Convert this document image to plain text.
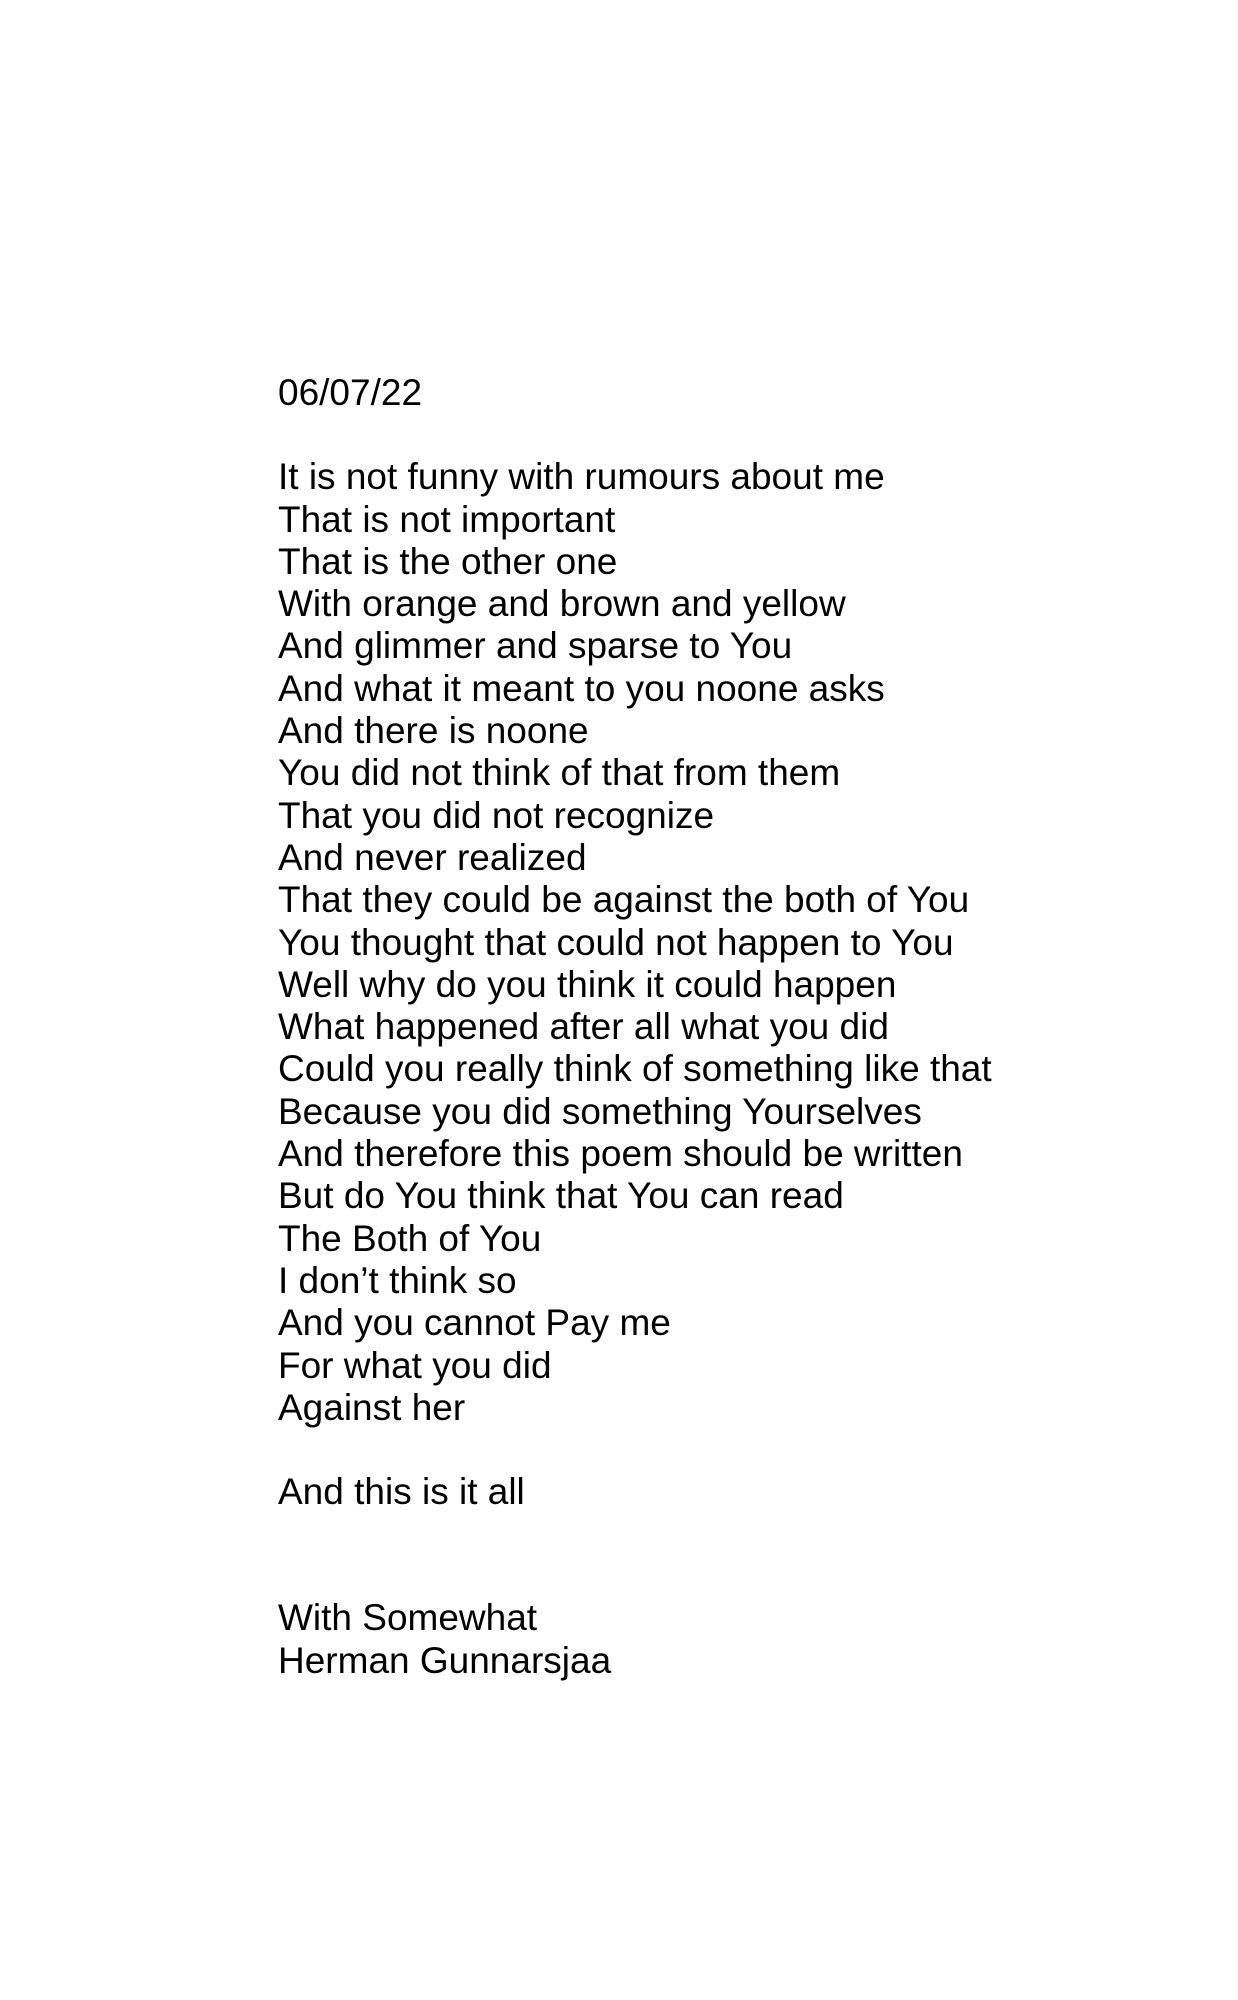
06/07/22
It is not funny with rumours about me
That is not important
That is the other one
With orange and brown and yellow
And glimmer and sparse to You
And what it meant to you noone asks
And there is noone
You did not think of that from them
That you did not recognize
And never realized
That they could be against the both of You
You thought that could not happen to You
Well why do you think it could happen
What happened after all what you did
Could you really think of something like that
Because you did something Yourselves
And therefore this poem should be written
But do You think that You can read
The Both of You
I don’t think so
And you cannot Pay me
For what you did
Against her
And this is it all
With Somewhat
Herman Gunnarsjaa
